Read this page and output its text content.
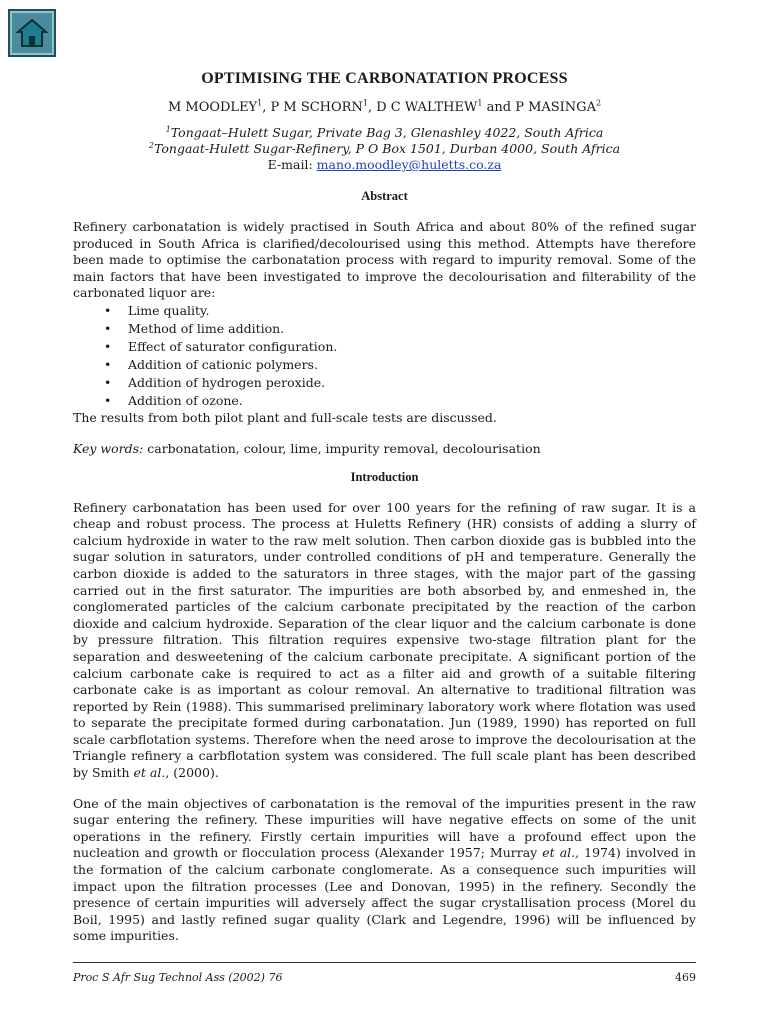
OPTIMISING THE CARBONATATION PROCESS
M MOODLEY$^1$, P M SCHORN$^1$, D C WALTHEW$^1$ and P MASINGA$^2$
$^1$Tongaat–Hulett Sugar, Private Bag 3, Glenashley 4022, South Africa
$^2$Tongaat-Hulett Sugar-Refinery, P O Box 1501, Durban 4000, South Africa
E-mail: mano.moodley@huletts.co.za
Abstract

Refinery carbonatation is widely practised in South Africa and about 80% of the refined sugar produced in South Africa is clarified/decolourised using this method. Attempts have therefore been made to optimise the carbonatation process with regard to impurity removal. Some of the main factors that have been investigated to improve the decolourisation and filterability of the carbonated liquor are:

• Lime quality.
• Method of lime addition.
• Effect of saturator configuration.
• Addition of cationic polymers.
• Addition of hydrogen peroxide.
• Addition of ozone.

The results from both pilot plant and full-scale tests are discussed.

Key words: carbonatation, colour, lime, impurity removal, decolourisation
Introduction

Refinery carbonatation has been used for over 100 years for the refining of raw sugar. It is a cheap and robust process. The process at Huletts Refinery (HR) consists of adding a slurry of calcium hydroxide in water to the raw melt solution. Then carbon dioxide gas is bubbled into the sugar solution in saturators, under controlled conditions of pH and temperature. Generally the carbon dioxide is added to the saturators in three stages, with the major part of the gassing carried out in the first saturator. The impurities are both absorbed by, and enmeshed in, the conglomerated particles of the calcium carbonate precipitated by the reaction of the carbon dioxide and calcium hydroxide. Separation of the clear liquor and the calcium carbonate is done by pressure filtration. This filtration requires expensive two-stage filtration plant for the separation and desweetening of the calcium carbonate precipitate. A significant portion of the calcium carbonate cake is required to act as a filter aid and growth of a suitable filtering carbonate cake is as important as colour removal. An alternative to traditional filtration was reported by Rein (1988). This summarised preliminary laboratory work where flotation was used to separate the precipitate formed during carbonatation. Jun (1989, 1990) has reported on full scale carbflotation systems. Therefore when the need arose to improve the decolourisation at the Triangle refinery a carbflotation system was considered. The full scale plant has been described by Smith et al., (2000).

One of the main objectives of carbonatation is the removal of the impurities present in the raw sugar entering the refinery. These impurities will have negative effects on some of the unit operations in the refinery. Firstly certain impurities will have a profound effect upon the nucleation and growth or flocculation process (Alexander 1957; Murray et al., 1974) involved in the formation of the calcium carbonate conglomerate. As a consequence such impurities will impact upon the filtration processes (Lee and Donovan, 1995) in the refinery. Secondly the presence of certain impurities will adversely affect the sugar crystallisation process (Morel du Boil, 1995) and lastly refined sugar quality (Clark and Legendre, 1996) will be influenced by some impurities.

Proc S Afr Sug Technol Ass (2002) 76	469
